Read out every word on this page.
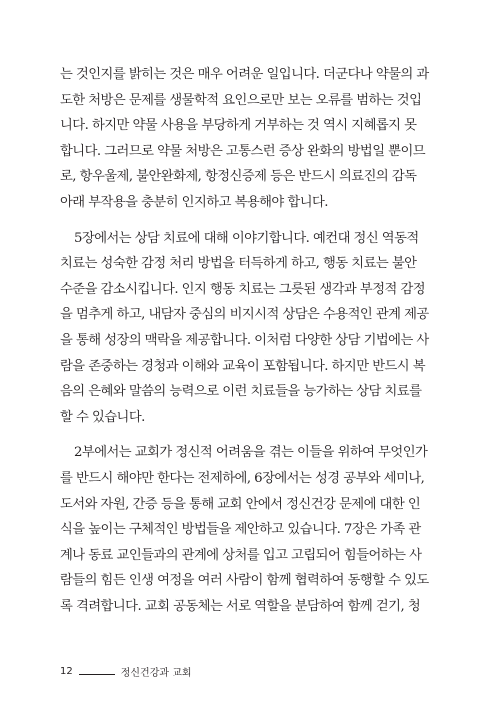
는 것인지를 밝히는 것은 매우 어려운 일입니다. 더군다나 약물의 과
도한 처방은 문제를 생물학적 요인으로만 보는 오류를 범하는 것입
니다. 하지만 약물 사용을 부당하게 거부하는 것 역시 지혜롭지 못
합니다. 그러므로 약물 처방은 고통스런 증상 완화의 방법일 뿐이므
로, 항우울제, 불안완화제, 항정신증제 등은 반드시 의료진의 감독
아래 부작용을 충분히 인지하고 복용해야 합니다.
5장에서는 상담 치료에 대해 이야기합니다. 예컨대 정신 역동적
치료는 성숙한 감정 처리 방법을 터득하게 하고, 행동 치료는 불안
수준을 감소시킵니다. 인지 행동 치료는 그릇된 생각과 부정적 감정
을 멈추게 하고, 내담자 중심의 비지시적 상담은 수용적인 관계 제공
을 통해 성장의 맥락을 제공합니다. 이처럼 다양한 상담 기법에는 사
람을 존중하는 경청과 이해와 교육이 포함됩니다. 하지만 반드시 복
음의 은혜와 말씀의 능력으로 이런 치료들을 능가하는 상담 치료를
할 수 있습니다.
2부에서는 교회가 정신적 어려움을 겪는 이들을 위하여 무엇인가
를 반드시 해야만 한다는 전제하에, 6장에서는 성경 공부와 세미나,
도서와 자원, 간증 등을 통해 교회 안에서 정신건강 문제에 대한 인
식을 높이는 구체적인 방법들을 제안하고 있습니다. 7장은 가족 관
계나 동료 교인들과의 관계에 상처를 입고 고립되어 힘들어하는 사
람들의 힘든 인생 여정을 여러 사람이 함께 협력하여 동행할 수 있도
록 격려합니다. 교회 공동체는 서로 역할을 분담하여 함께 걷기, 청
12	정신건강과 교회
